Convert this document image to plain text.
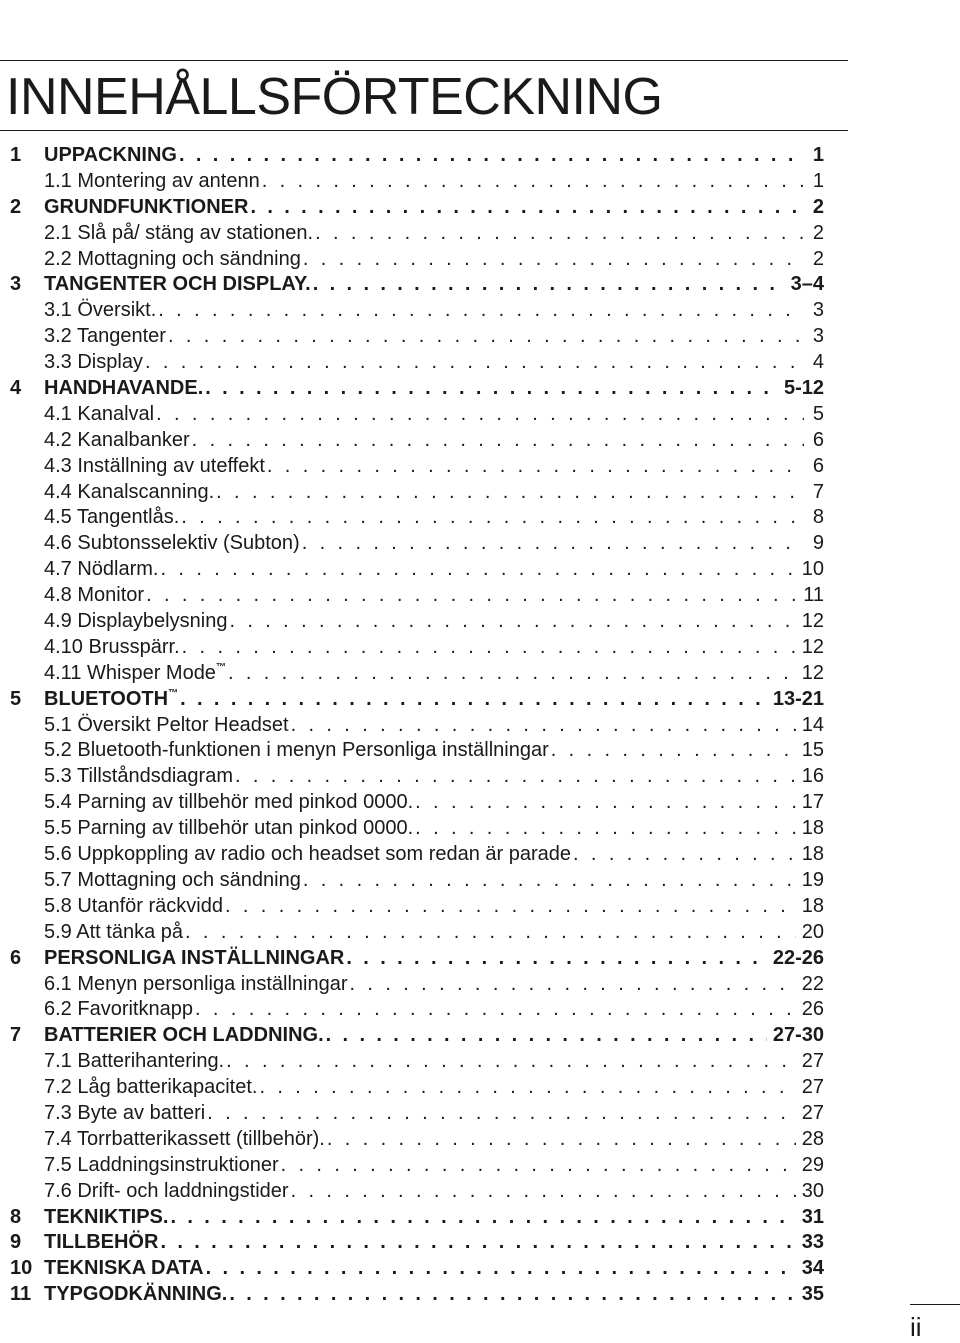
INNEHÅLLSFÖRTECKNING
1	UPPACKNING . . .	1
1.1 Montering av antenn . . .	1
2	GRUNDFUNKTIONER . . .	2
2.1 Slå på/ stäng av stationen. . . .	2
2.2 Mottagning och sändning . . .	2
3	TANGENTER OCH DISPLAY. . . .	3–4
3.1 Översikt. . . .	3
3.2 Tangenter . . .	3
3.3 Display . . .	4
4	HANDHAVANDE. . . .	5-12
4.1 Kanalval . . .	5
4.2 Kanalbanker . . .	6
4.3 Inställning av uteffekt . . .	6
4.4 Kanalscanning. . . .	7
4.5 Tangentlås. . . .	8
4.6 Subtonsselektiv (Subton) . . .	9
4.7 Nödlarm. . . .	10
4.8 Monitor . . .	11
4.9 Displaybelysning . . .	12
4.10 Brusspärr. . . .	12
4.11 Whisper Mode™ . . .	12
5	BLUETOOTH™ . . .	13-21
5.1 Översikt Peltor Headset . . .	14
5.2 Bluetooth-funktionen i menyn Personliga inställningar . . .	15
5.3 Tillståndsdiagram . . .	16
5.4 Parning av tillbehör med pinkod 0000. . . .	17
5.5 Parning av tillbehör utan pinkod 0000. . . .	18
5.6 Uppkoppling av radio och headset som redan är parade . . .	18
5.7 Mottagning och sändning . . .	19
5.8 Utanför räckvidd . . .	18
5.9 Att tänka på . . .	20
6	PERSONLIGA INSTÄLLNINGAR . . .	22-26
6.1 Menyn personliga inställningar . . .	22
6.2 Favoritknapp . . .	26
7	BATTERIER OCH LADDNING. . . .	27-30
7.1 Batterihantering. . . .	27
7.2 Låg batterikapacitet. . . .	27
7.3 Byte av batteri . . .	27
7.4 Torrbatterikassett (tillbehör). . . .	28
7.5 Laddningsinstruktioner . . .	29
7.6 Drift- och laddningstider . . .	30
8	TEKNIKTIPS. . . .	31
9	TILLBEHÖR . . .	33
10 TEKNISKA DATA . . .	34
11 TYPGODKÄNNING. . . .	35
ii
